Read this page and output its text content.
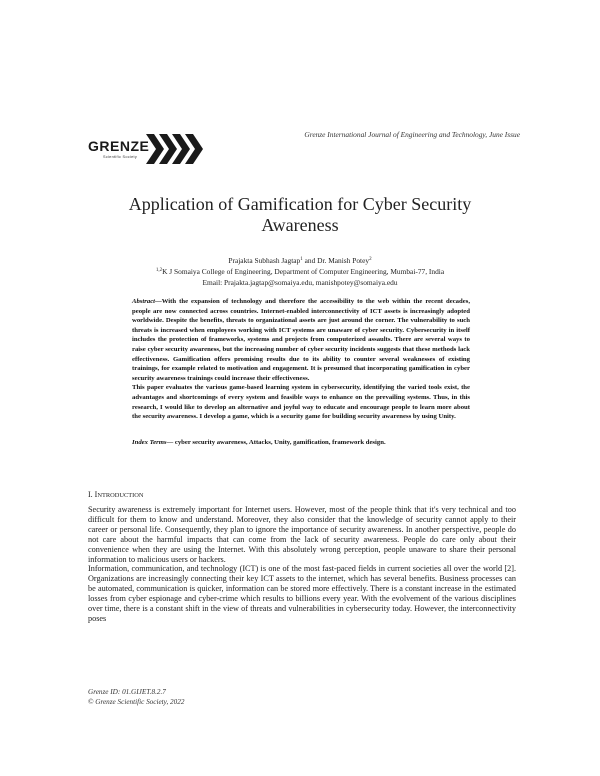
Grenze International Journal of Engineering and Technology, June Issue
GRENZE
Scientific Society
Application of Gamification for Cyber Security
Awareness
Prajakta Subhash Jagtap$^1$ and Dr. Manish Potey$^2$
$^{1,2}$K J Somaiya College of Engineering, Department of Computer Engineering, Mumbai-77, India
Email: Prajakta.jagtap@somaiya.edu, manishpotey@somaiya.edu

Abstract—With the expansion of technology and therefore the accessibility to the web within the recent decades, people are now connected across countries. Internet-enabled interconnectivity of ICT assets is increasingly adopted worldwide. Despite the benefits, threats to organizational assets are just around the corner. The vulnerability to such threats is increased when employees working with ICT systems are unaware of cyber security. Cybersecurity in itself includes the protection of frameworks, systems and projects from computerized assaults. There are several ways to raise cyber security awareness, but the increasing number of cyber security incidents suggests that these methods lack effectiveness. Gamification offers promising results due to its ability to counter several weaknesses of existing trainings, for example related to motivation and engagement. It is presumed that incorporating gamification in cyber security awareness trainings could increase their effectiveness.

This paper evaluates the various game-based learning system in cybersecurity, identifying the varied tools exist, the advantages and shortcomings of every system and feasible ways to enhance on the prevailing systems. Thus, in this research, I would like to develop an alternative and joyful way to educate and encourage people to learn more about the security awareness. I develop a game, which is a security game for building security awareness by using Unity.

Index Terms— cyber security awareness, Attacks, Unity, gamification, framework design.
I. INTRODUCTION

Security awareness is extremely important for Internet users. However, most of the people think that it's very technical and too difficult for them to know and understand. Moreover, they also consider that the knowledge of security cannot apply to their career or personal life. Consequently, they plan to ignore the importance of security awareness. In another perspective, people do not care about the harmful impacts that can come from the lack of security awareness. People do care only about their convenience when they are using the Internet. With this absolutely wrong perception, people unaware to share their personal information to malicious users or hackers.

Information, communication, and technology (ICT) is one of the most fast-paced fields in current societies all over the world [2]. Organizations are increasingly connecting their key ICT assets to the internet, which has several benefits. Business processes can be automated, communication is quicker, information can be stored more effectively. There is a constant increase in the estimated losses from cyber espionage and cyber-crime which results to billions every year. With the evolvement of the various disciplines over time, there is a constant shift in the view of threats and vulnerabilities in cybersecurity today. However, the interconnectivity poses

Grenze ID: 01.GIJET.8.2.7
© Grenze Scientific Society, 2022
